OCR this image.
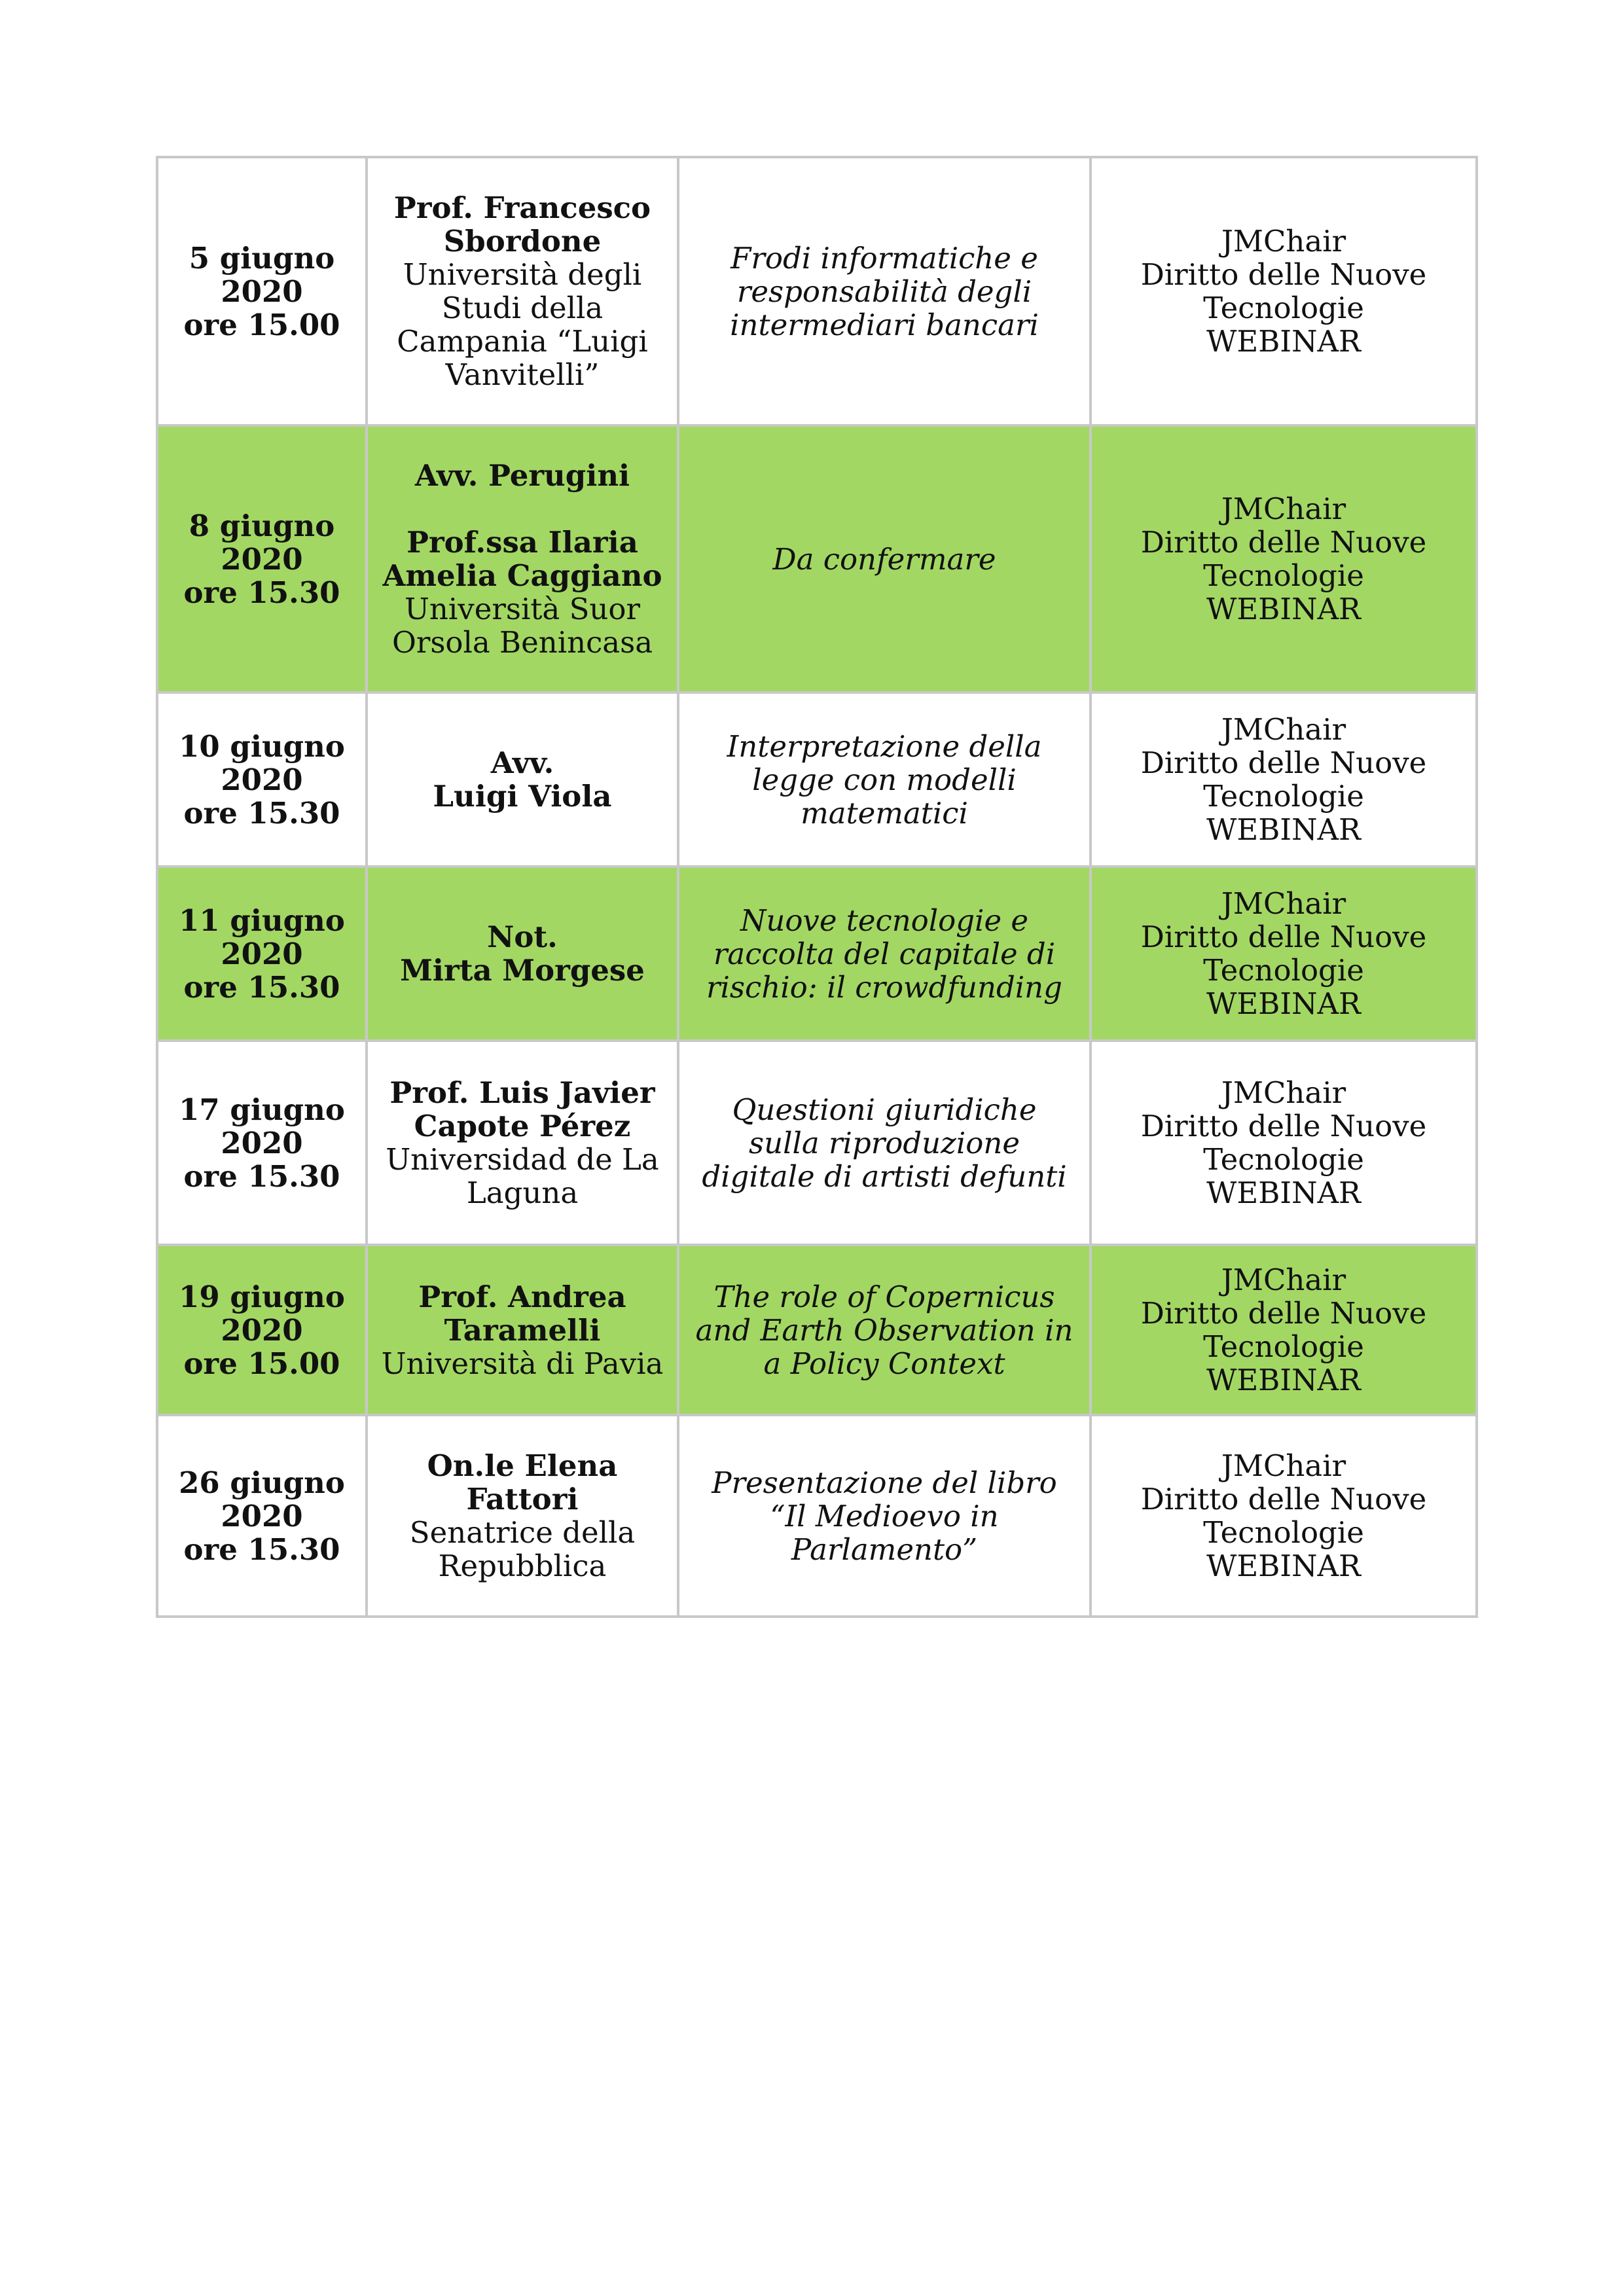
5 giugno
2020
ore 15.00	Prof. Francesco Sbordone
Università degli Studi della Campania “Luigi Vanvitelli”	Frodi informatiche e responsabilità degli intermediari bancari	JMChair
Diritto delle Nuove Tecnologie
WEBINAR

8 giugno
2020
ore 15.30	Avv. Perugini
Prof.ssa Ilaria Amelia Caggiano
Università Suor Orsola Benincasa	Da confermare	JMChair
Diritto delle Nuove Tecnologie
WEBINAR

10 giugno
2020
ore 15.30	Avv.
Luigi Viola	Interpretazione della legge con modelli matematici	JMChair
Diritto delle Nuove Tecnologie
WEBINAR

11 giugno
2020
ore 15.30	Not.
Mirta Morgese	Nuove tecnologie e raccolta del capitale di rischio: il crowdfunding	JMChair
Diritto delle Nuove Tecnologie
WEBINAR

17 giugno
2020
ore 15.30	Prof. Luis Javier Capote Pérez
Universidad de La Laguna	Questioni giuridiche sulla riproduzione digitale di artisti defunti	JMChair
Diritto delle Nuove Tecnologie
WEBINAR

19 giugno
2020
ore 15.00	Prof. Andrea Taramelli
Università di Pavia	The role of Copernicus and Earth Observation in a Policy Context	JMChair
Diritto delle Nuove Tecnologie
WEBINAR

26 giugno
2020
ore 15.30	On.le Elena Fattori
Senatrice della Repubblica	Presentazione del libro “Il Medioevo in Parlamento”	JMChair
Diritto delle Nuove Tecnologie
WEBINAR
